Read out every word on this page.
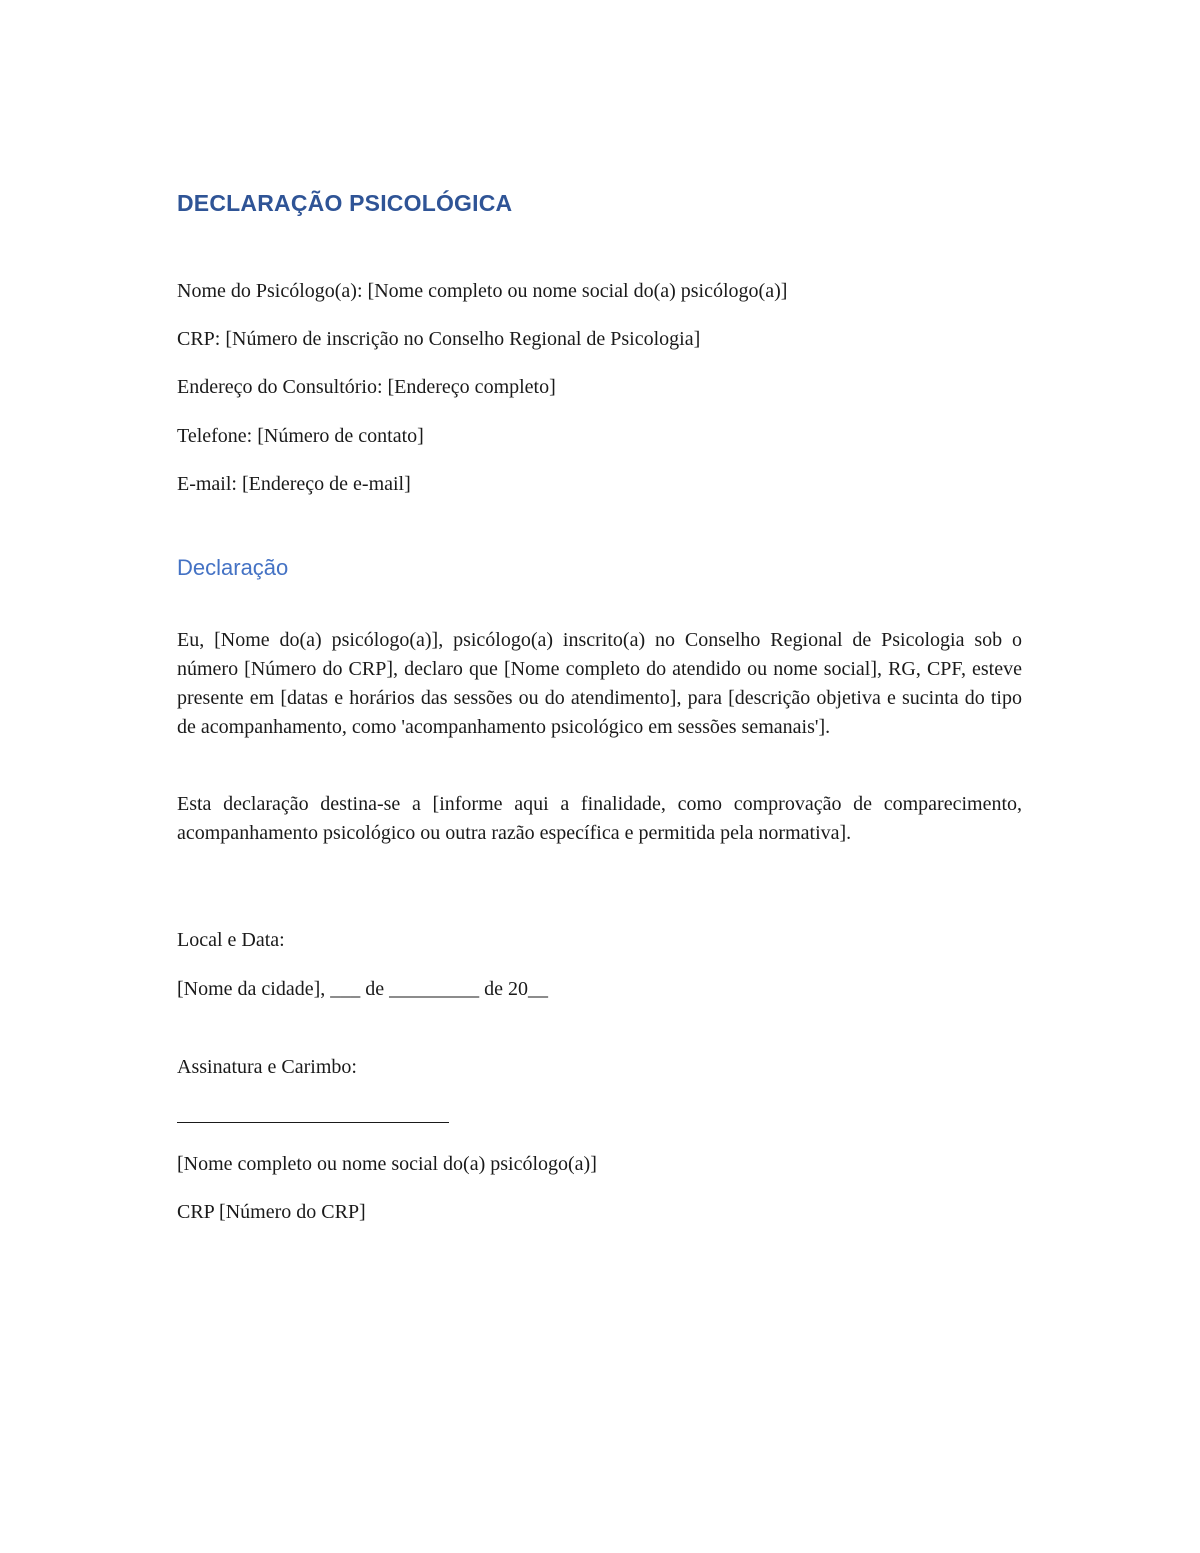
DECLARAÇÃO PSICOLÓGICA
Nome do Psicólogo(a): [Nome completo ou nome social do(a) psicólogo(a)]
CRP: [Número de inscrição no Conselho Regional de Psicologia]
Endereço do Consultório: [Endereço completo]
Telefone: [Número de contato]
E-mail: [Endereço de e-mail]
Declaração
Eu, [Nome do(a) psicólogo(a)], psicólogo(a) inscrito(a) no Conselho Regional de Psicologia sob o número [Número do CRP], declaro que [Nome completo do atendido ou nome social], RG, CPF, esteve presente em [datas e horários das sessões ou do atendimento], para [descrição objetiva e sucinta do tipo de acompanhamento, como 'acompanhamento psicológico em sessões semanais'].
Esta declaração destina-se a [informe aqui a finalidade, como comprovação de comparecimento, acompanhamento psicológico ou outra razão específica e permitida pela normativa].
Local e Data:
[Nome da cidade], ___ de _________ de 20__
Assinatura e Carimbo:
[Nome completo ou nome social do(a) psicólogo(a)]
CRP [Número do CRP]
